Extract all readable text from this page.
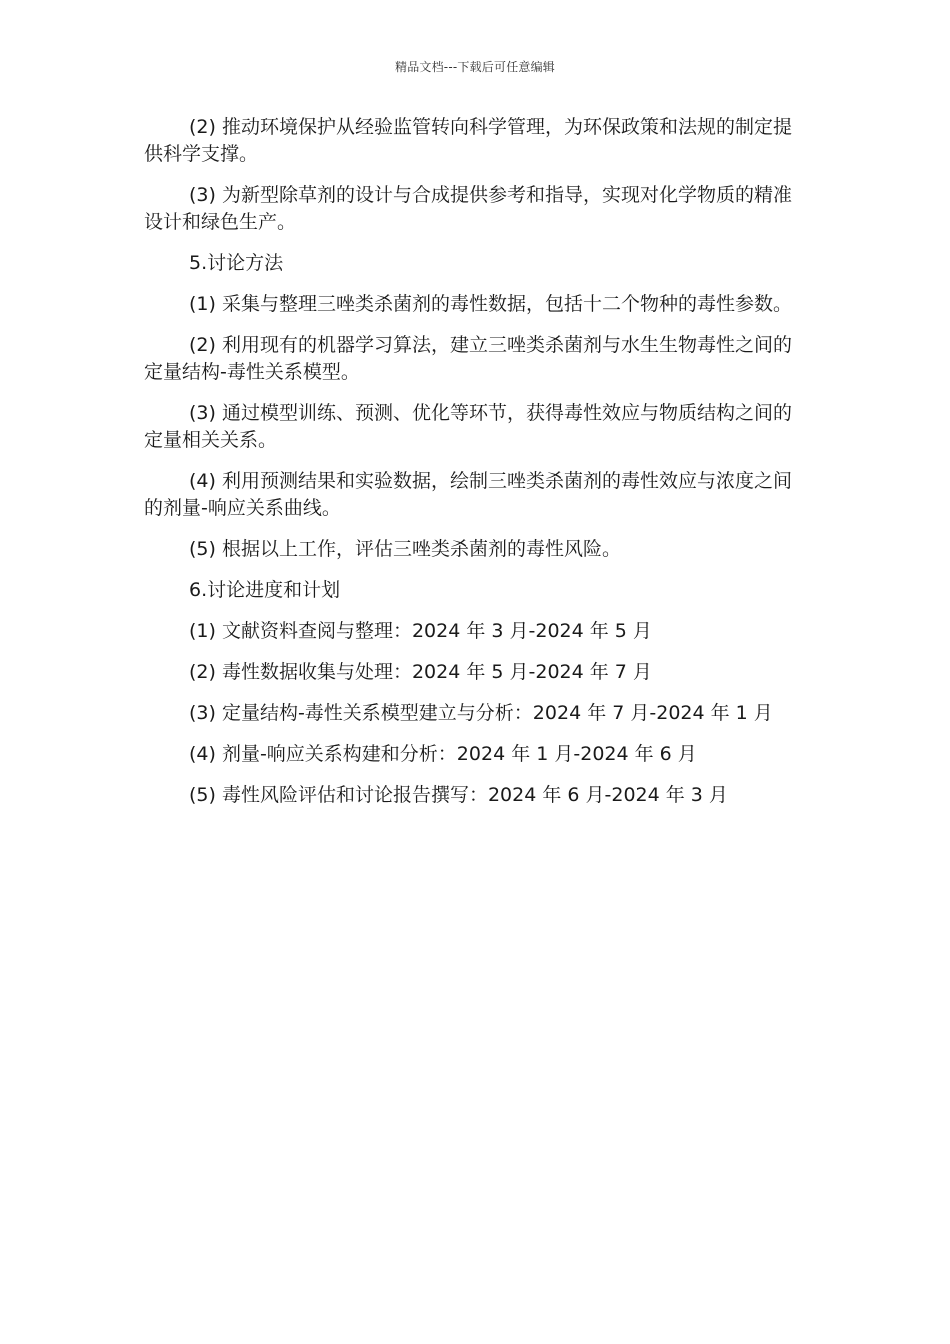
精品文档---下载后可任意编辑

(2) 推动环境保护从经验监管转向科学管理，为环保政策和法规的制定提供科学支撑。

(3) 为新型除草剂的设计与合成提供参考和指导，实现对化学物质的精准设计和绿色生产。

5.讨论方法

(1) 采集与整理三唑类杀菌剂的毒性数据，包括十二个物种的毒性参数。

(2) 利用现有的机器学习算法，建立三唑类杀菌剂与水生生物毒性之间的定量结构-毒性关系模型。

(3) 通过模型训练、预测、优化等环节，获得毒性效应与物质结构之间的定量相关关系。

(4) 利用预测结果和实验数据，绘制三唑类杀菌剂的毒性效应与浓度之间的剂量-响应关系曲线。

(5) 根据以上工作，评估三唑类杀菌剂的毒性风险。

6.讨论进度和计划

(1) 文献资料查阅与整理：2024 年 3 月-2024 年 5 月

(2) 毒性数据收集与处理：2024 年 5 月-2024 年 7 月

(3) 定量结构-毒性关系模型建立与分析：2024 年 7 月-2024 年 1 月

(4) 剂量-响应关系构建和分析：2024 年 1 月-2024 年 6 月

(5) 毒性风险评估和讨论报告撰写：2024 年 6 月-2024 年 3 月
